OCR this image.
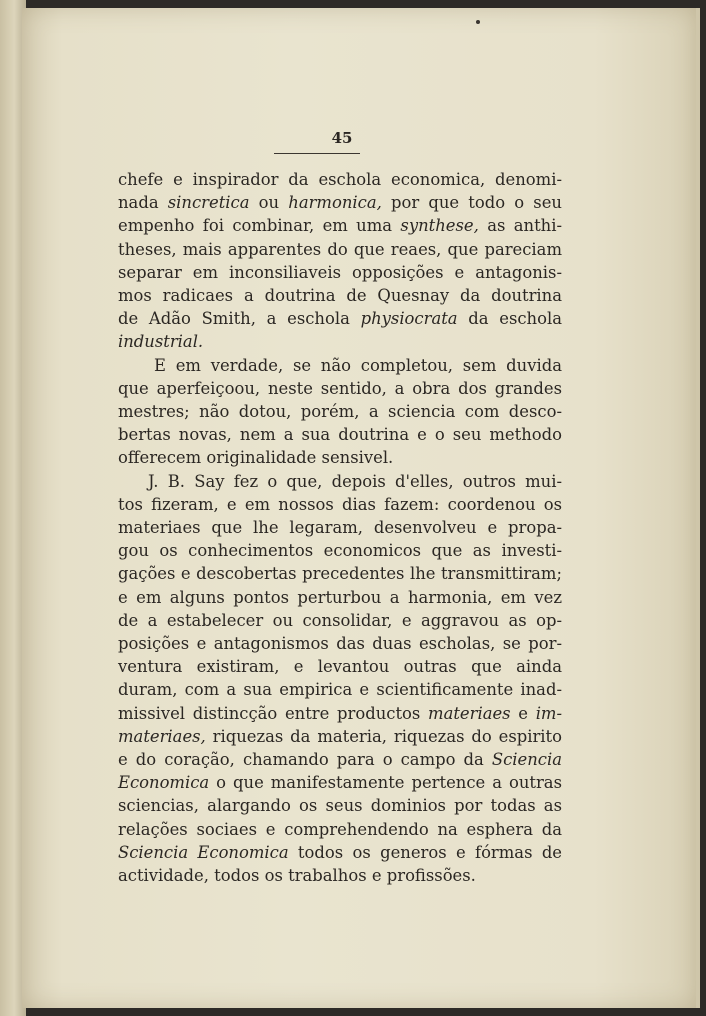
45
chefe e inspirador da eschola economica, denomi-
nada sincretica ou harmonica, por que todo o seu
empenho foi combinar, em uma synthese, as anthi-
theses, mais apparentes do que reaes, que pareciam
separar em inconsiliaveis opposições e antagonis-
mos radicaes a doutrina de Quesnay da doutrina
de Adão Smith, a eschola physiocrata da eschola
industrial.
E em verdade, se não completou, sem duvida
que aperfeiçoou, neste sentido, a obra dos grandes
mestres; não dotou, porém, a sciencia com desco-
bertas novas, nem a sua doutrina e o seu methodo
offerecem originalidade sensivel.
J. B. Say fez o que, depois d'elles, outros mui-
tos fizeram, e em nossos dias fazem: coordenou os
materiaes que lhe legaram, desenvolveu e propa-
gou os conhecimentos economicos que as investi-
gações e descobertas precedentes lhe transmittiram;
e em alguns pontos perturbou a harmonia, em vez
de a estabelecer ou consolidar, e aggravou as op-
posições e antagonismos das duas escholas, se por-
ventura existiram, e levantou outras que ainda
duram, com a sua empirica e scientificamente inad-
missivel distincção entre productos materiaes e im-
materiaes, riquezas da materia, riquezas do espirito
e do coração, chamando para o campo da Sciencia
Economica o que manifestamente pertence a outras
sciencias, alargando os seus dominios por todas as
relações sociaes e comprehendendo na esphera da
Sciencia Economica todos os generos e fórmas de
actividade, todos os trabalhos e profissões.
